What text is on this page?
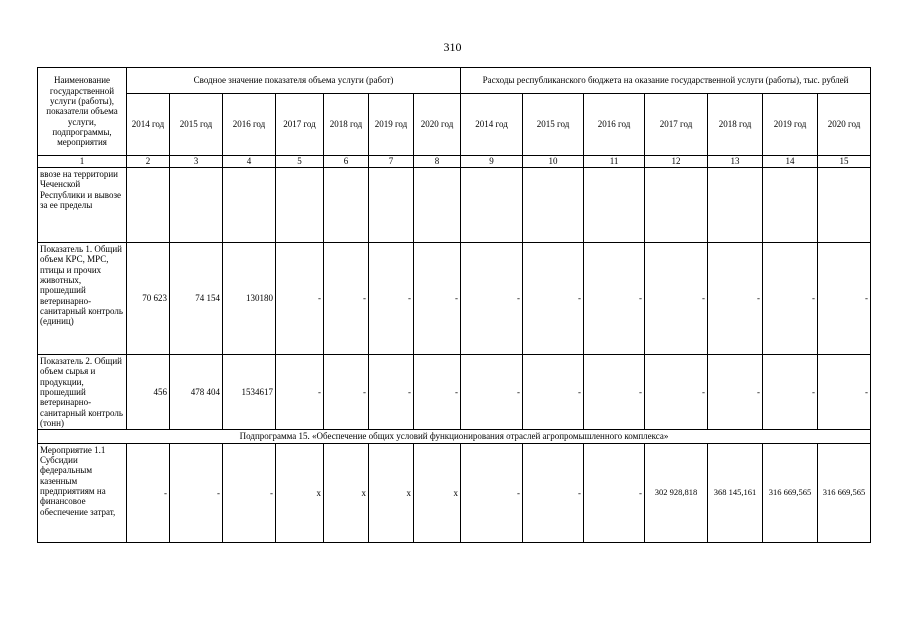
310
Наименование государственной услуги (работы), показатели объема услуги, подпрограммы, мероприятия	Сводное значение показателя объема услуги (работ)							Расходы республиканского бюджета на оказание государственной услуги (работы), тыс. рублей						
	2014 год	2015 год	2016 год	2017 год	2018 год	2019 год	2020 год	2014 год	2015 год	2016 год	2017 год	2018 год	2019 год	2020 год
1	2	3	4	5	6	7	8	9	10	11	12	13	14	15
ввозе на территории Чеченской Республики и вывозе за ее пределы														
Показатель 1. Общий объем КРС, МРС, птицы и прочих животных, прошедший ветеринарно-санитарный контроль (единиц)	70 623	74 154	130180	-	-	-	-	-	-	-	-	-	-	-
Показатель 2. Общий объем сырья и продукции, прошедший ветеринарно-санитарный контроль (тонн)	456	478 404	1534617	-	-	-	-	-	-	-	-	-	-	-
Подпрограмма 15. «Обеспечение общих условий функционирования отраслей агропромышленного комплекса»														
Мероприятие 1.1 Субсидии федеральным казенным предприятиям на финансовое обеспечение затрат,	-	-	-	x	x	x	x	-	-	-	302 928,818	368 145,161	316 669,565	316 669,565
